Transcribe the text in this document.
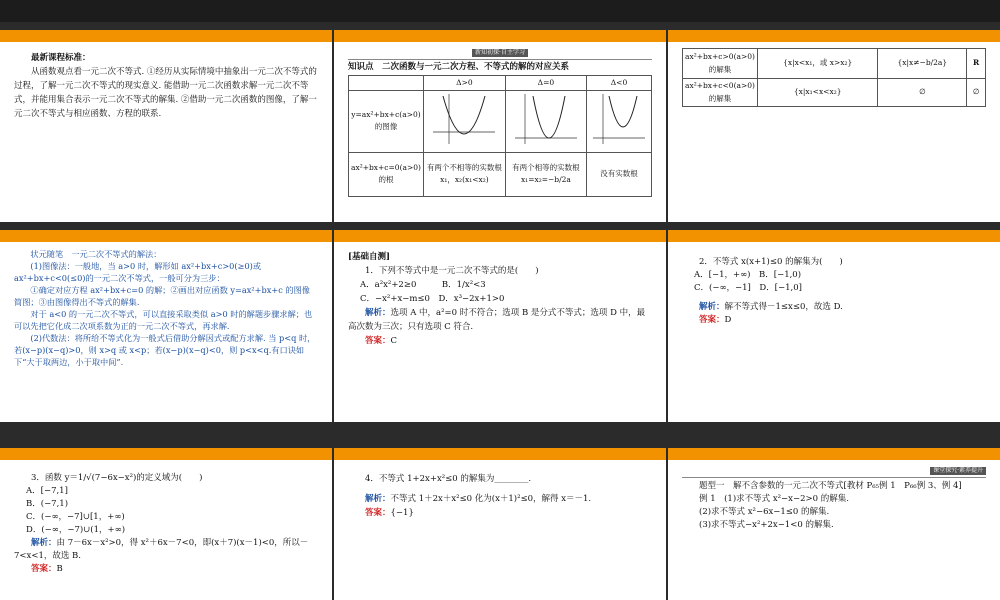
最新课程标准：

从函数观点看一元二次不等式. ①经历从实际情境中抽象出一元二次不等式的过程，了解一元二次不等式的现实意义. 能借助一元二次函数求解一元二次不等式，并能用集合表示一元二次不等式的解集. ②借助一元二次函数的图像，了解一元二次不等式与相应函数、方程的联系.

新知初探·自主学习

知识点　二次函数与一元二次方程、不等式的解的对应关系

	Δ>0	Δ=0	Δ<0
y=ax²+bx+c(a>0)的图像			
ax²+bx+c=0(a>0)的根	有两个不相等的实数根 x₁，x₂(x₁<x₂)	有两个相等的实数根 x₁=x₂=−b/2a	没有实数根
ax²+bx+c>0(a>0)的解集	{x|x<x₁，或 x>x₂}	{x|x≠−b/2a}	R
ax²+bx+c<0(a>0)的解集	{x|x₁<x<x₂}	∅	∅

状元随笔　一元二次不等式的解法：

(1)图像法：一般地，当 a>0 时，解形如 ax²+bx+c>0(≥0)或 ax²+bx+c<0(≤0)的一元二次不等式，一般可分为三步：

①确定对应方程 ax²+bx+c=0 的解；②画出对应函数 y=ax²+bx+c 的图像简图；③由图像得出不等式的解集.

对于 a<0 的一元二次不等式，可以直接采取类似 a>0 时的解题步骤求解；也可以先把它化成二次项系数为正的一元二次不等式，再求解.

(2)代数法：将所给不等式化为一般式后借助分解因式或配方求解. 当 p<q 时，若(x−p)(x−q)>0，则 x>q 或 x<p；若(x−p)(x−q)<0，则 p<x<q.有口诀如下“大于取两边，小于取中间”.

[基础自测]

1．下列不等式中是一元二次不等式的是(　　)

A．a²x²+2≥0　　　	B．1/x²<3

C．−x²+x−m≤0　 D．x³−2x+1>0

解析：选项 A 中，a²=0 时不符合；选项 B 是分式不等式；选项 D 中，最高次数为三次；只有选项 C 符合.

答案：C

2．不等式 x(x+1)≤0 的解集为(　　)

A．[−1，+∞)　B．[−1,0)

C．(−∞，−1]　D．[−1,0]

解析：解不等式得－1≤x≤0，故选 D.

答案：D

3．函数 y＝1/√(7−6x−x²)的定义域为(　　)

A．[−7,1]

B．(−7,1)

C．(−∞，−7]∪[1，+∞)

D．(−∞，−7)∪(1，+∞)

解析：由 7－6x－x²>0，得 x²＋6x－7<0，即(x＋7)(x－1)<0，所以－7<x<1，故选 B.

答案：B

4．不等式 1+2x+x²≤0 的解集为________.

解析：不等式 1＋2x＋x²≤0 化为(x＋1)²≤0，解得 x＝－1.

答案：{−1}

课堂探究·素养提升

题型一　解不含参数的一元二次不等式[教材 P₆₅例 1　P₆₆例 3、例 4]

例 1　(1)求不等式 x²−x−2>0 的解集.

(2)求不等式 x²−6x−1≤0 的解集.

(3)求不等式−x²+2x−1<0 的解集.
